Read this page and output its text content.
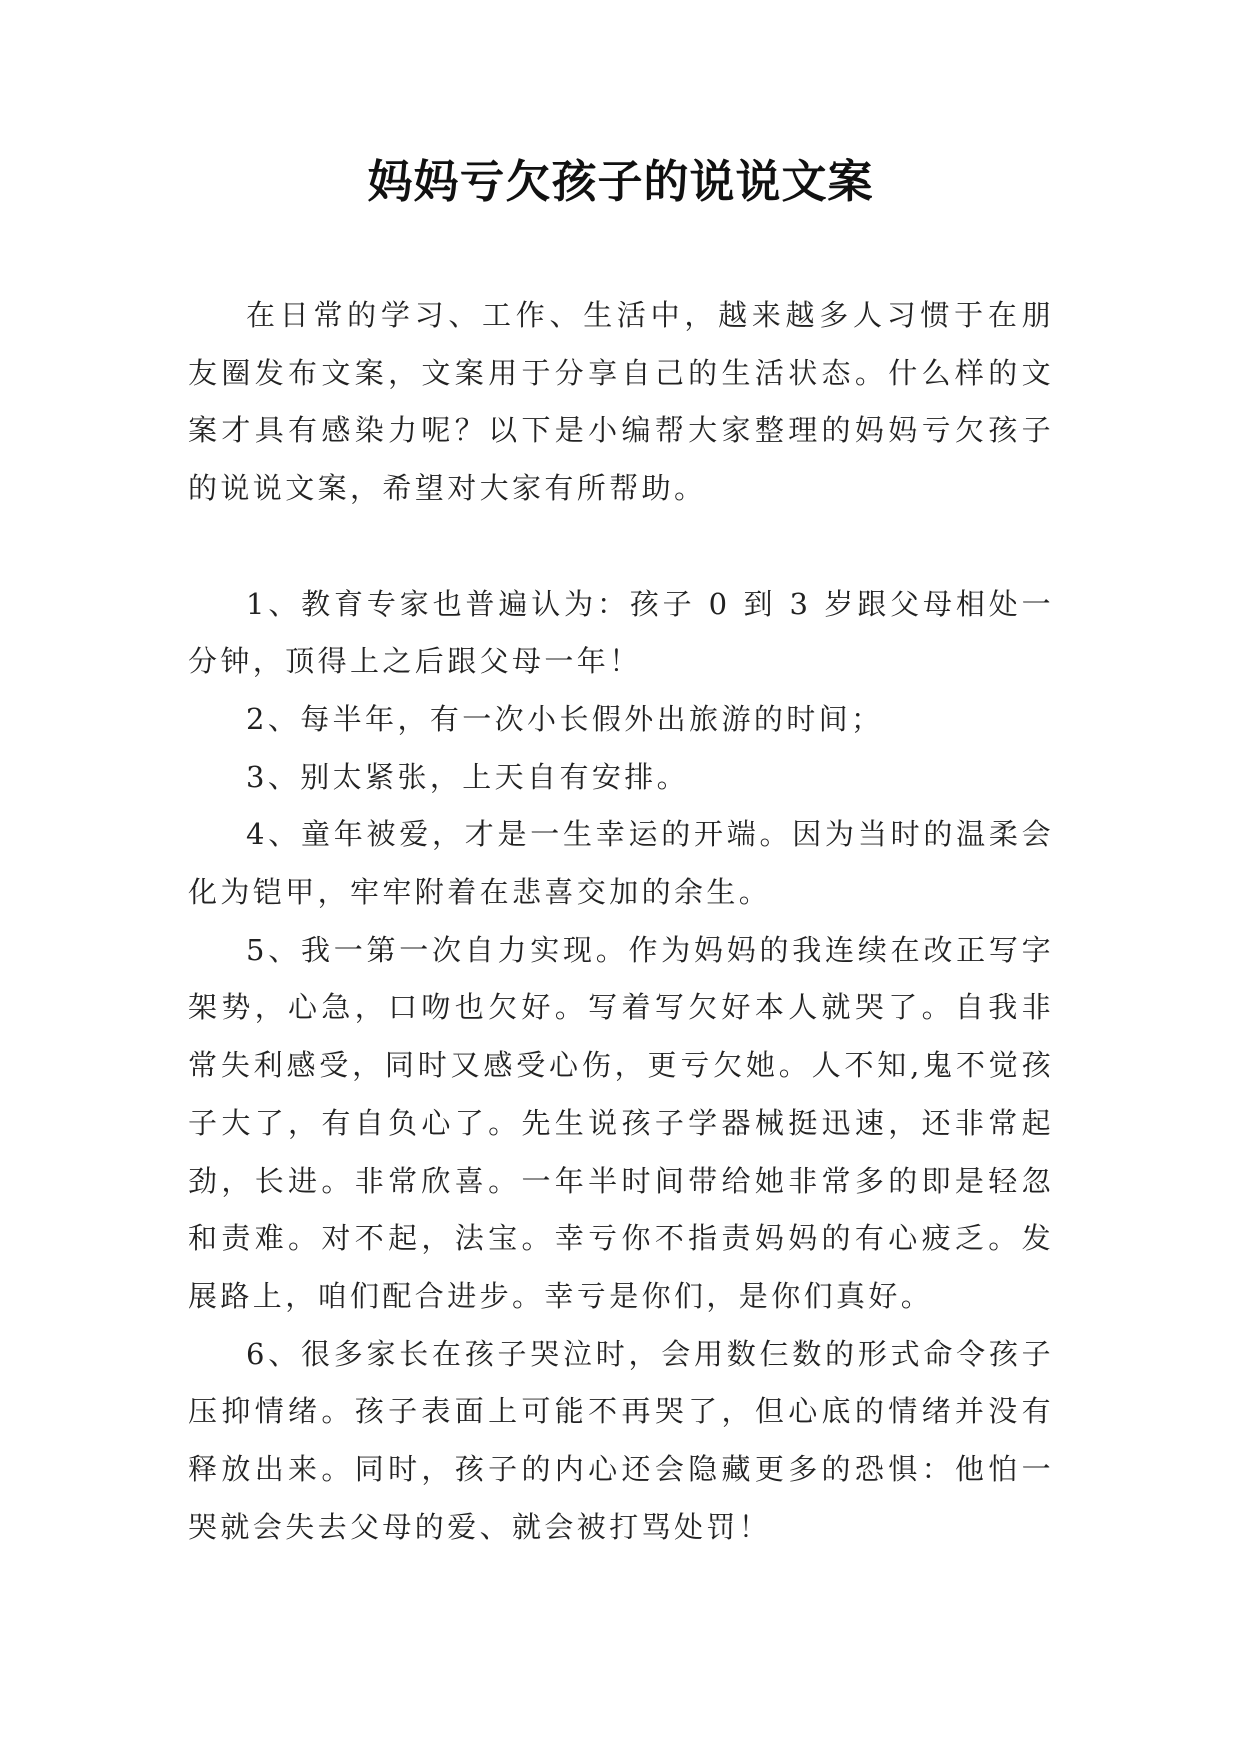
妈妈亏欠孩子的说说文案

在日常的学习、工作、生活中，越来越多人习惯于在朋友圈发布文案，文案用于分享自己的生活状态。什么样的文案才具有感染力呢？以下是小编帮大家整理的妈妈亏欠孩子的说说文案，希望对大家有所帮助。

1、教育专家也普遍认为：孩子 0 到 3 岁跟父母相处一分钟，顶得上之后跟父母一年！

2、每半年，有一次小长假外出旅游的时间；

3、别太紧张，上天自有安排。

4、童年被爱，才是一生幸运的开端。因为当时的温柔会化为铠甲，牢牢附着在悲喜交加的余生。

5、我一第一次自力实现。作为妈妈的我连续在改正写字架势，心急，口吻也欠好。写着写欠好本人就哭了。自我非常失利感受，同时又感受心伤，更亏欠她。人不知,鬼不觉孩子大了，有自负心了。先生说孩子学器械挺迅速，还非常起劲，长进。非常欣喜。一年半时间带给她非常多的即是轻忽和责难。对不起，法宝。幸亏你不指责妈妈的有心疲乏。发展路上，咱们配合进步。幸亏是你们，是你们真好。

6、很多家长在孩子哭泣时，会用数仨数的形式命令孩子压抑情绪。孩子表面上可能不再哭了，但心底的情绪并没有释放出来。同时，孩子的内心还会隐藏更多的恐惧：他怕一哭就会失去父母的爱、就会被打骂处罚！
